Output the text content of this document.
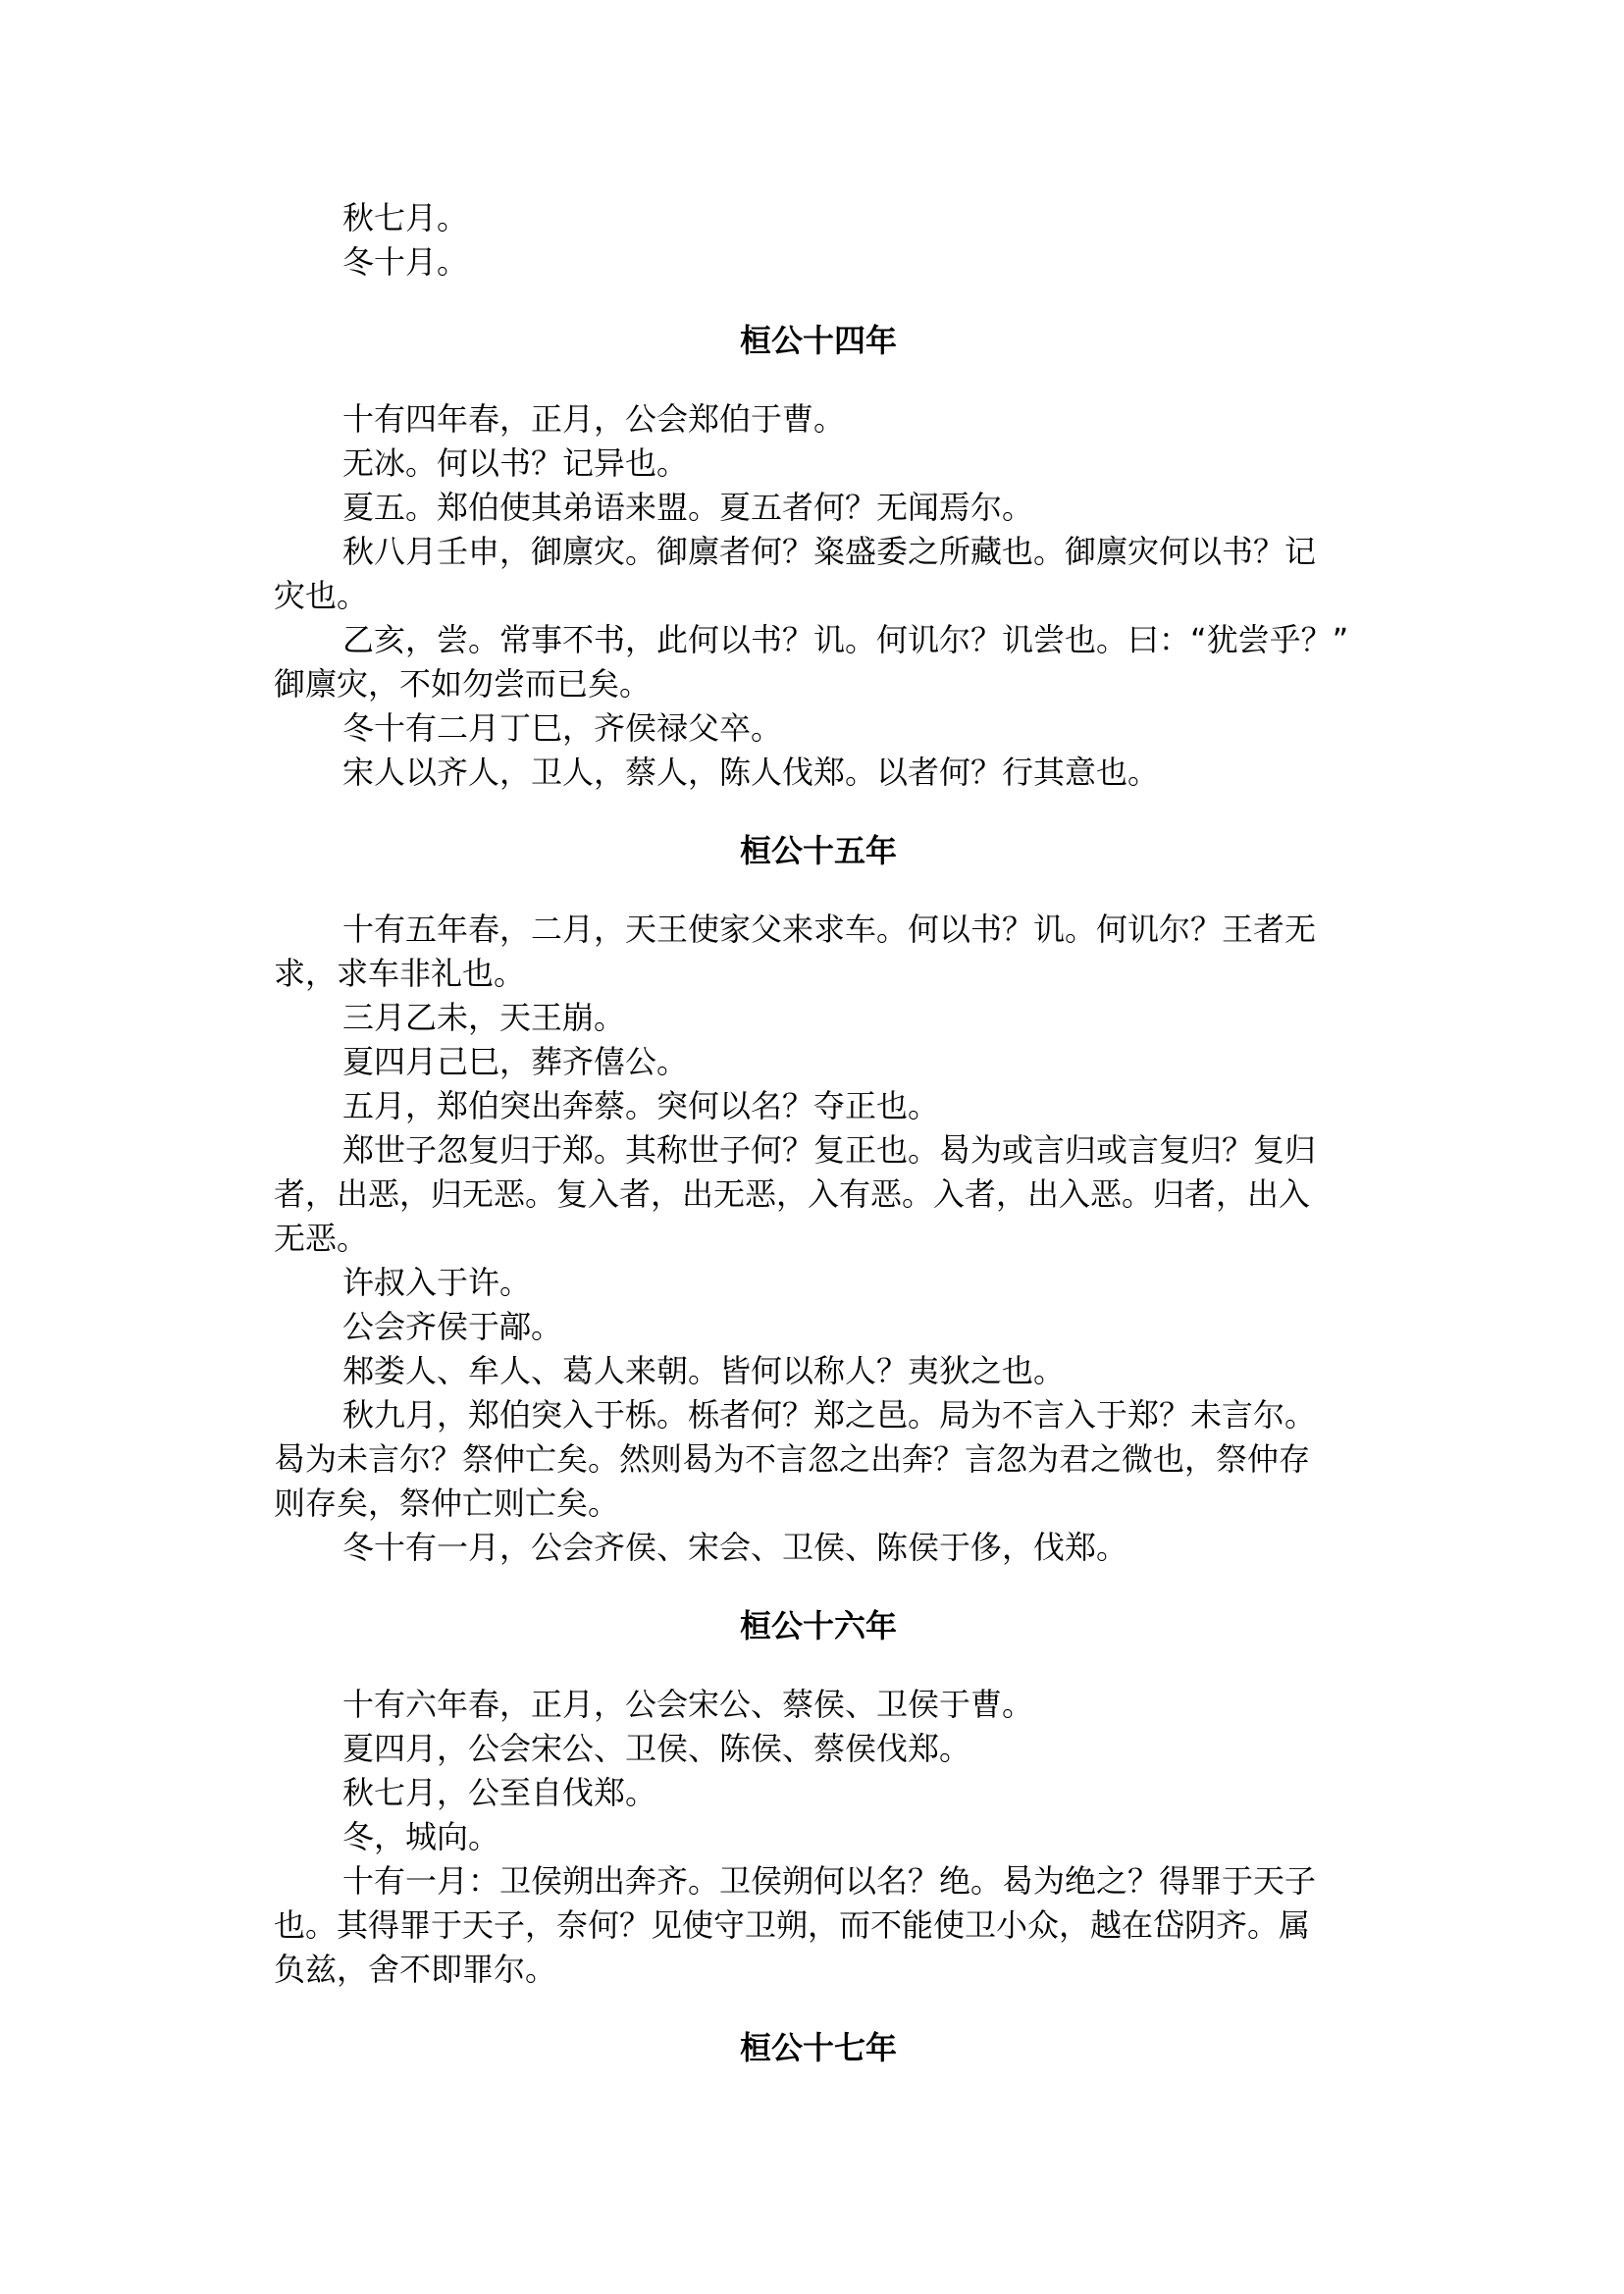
秋七月。
冬十月。
桓公十四年
十有四年春，正月，公会郑伯于曹。
无冰。何以书？记异也。
夏五。郑伯使其弟语来盟。夏五者何？无闻焉尔。
秋八月壬申，御廪灾。御廪者何？粢盛委之所藏也。御廪灾何以书？记
灾也。
乙亥，尝。常事不书，此何以书？讥。何讥尔？讥尝也。曰：“犹尝乎？”
御廪灾，不如勿尝而已矣。
冬十有二月丁巳，齐侯禄父卒。
宋人以齐人，卫人，蔡人，陈人伐郑。以者何？行其意也。
桓公十五年
十有五年春，二月，天王使家父来求车。何以书？讥。何讥尔？王者无
求，求车非礼也。
三月乙未，天王崩。
夏四月己巳，葬齐僖公。
五月，郑伯突出奔蔡。突何以名？夺正也。
郑世子忽复归于郑。其称世子何？复正也。曷为或言归或言复归？复归
者，出恶，归无恶。复入者，出无恶，入有恶。入者，出入恶。归者，出入
无恶。
许叔入于许。
公会齐侯于鄗。
邾娄人、牟人、葛人来朝。皆何以称人？夷狄之也。
秋九月，郑伯突入于栎。栎者何？郑之邑。局为不言入于郑？未言尔。
曷为未言尔？祭仲亡矣。然则曷为不言忽之出奔？言忽为君之微也，祭仲存
则存矣，祭仲亡则亡矣。
冬十有一月，公会齐侯、宋会、卫侯、陈侯于侈，伐郑。
桓公十六年
十有六年春，正月，公会宋公、蔡侯、卫侯于曹。
夏四月，公会宋公、卫侯、陈侯、蔡侯伐郑。
秋七月，公至自伐郑。
冬，城向。
十有一月：卫侯朔出奔齐。卫侯朔何以名？绝。曷为绝之？得罪于天子
也。其得罪于天子，奈何？见使守卫朔，而不能使卫小众，越在岱阴齐。属
负兹，舍不即罪尔。
桓公十七年
